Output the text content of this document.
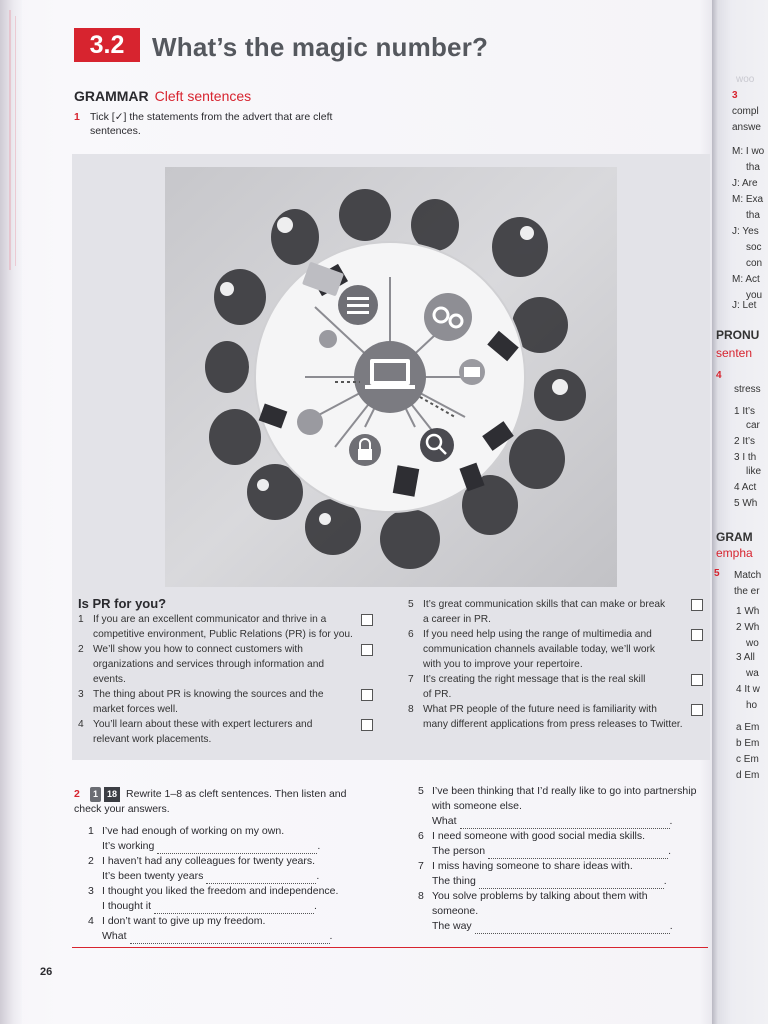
3.2	What’s the magic number?
GRAMMAR Cleft sentences
1 Tick [✓] the statements from the advert that are cleft
sentences.
Is PR for you?
1 If you are an excellent communicator and thrive in a
competitive environment, Public Relations (PR) is for you.
2 We’ll show you how to connect customers with
organizations and services through information and
events.
3 The thing about PR is knowing the sources and the
market forces well.
4 You’ll learn about these with expert lecturers and
relevant work placements.
5 It’s great communication skills that can make or break
a career in PR.
6 If you need help using the range of multimedia and
communication channels available today, we’ll work
with you to improve your repertoire.
7 It’s creating the right message that is the real skill
of PR.
8 What PR people of the future need is familiarity with
many different applications from press releases to Twitter.
2 1 18 Rewrite 1–8 as cleft sentences. Then listen and
check your answers.
1 I’ve had enough of working on my own.
It’s working	.
2 I haven’t had any colleagues for twenty years.
It’s been twenty years	.
3 I thought you liked the freedom and independence.
I thought it	.
4 I don’t want to give up my freedom.
What	.
5 I’ve been thinking that I’d really like to go into partnership
with someone else.
What	.
6 I need someone with good social media skills.
The person	.
7 I miss having someone to share ideas with.
The thing	.
8 You solve problems by talking about them with
someone.
The way	.
26
woo
3
compl
answe
M: I wo
tha
J: Are
M: Exa
tha
J: Yes
soc
con
M: Act
you
J: Let
PRONU
senten
4
stress
1 It’s
car
2 It’s
3 I th
like
4 Act
5 Wh
GRAM
empha
5 Match
the er
1 Wh
2 Wh
wo
3 All
wa
4 It w
ho
a Em
b Em
c Em
d Em
